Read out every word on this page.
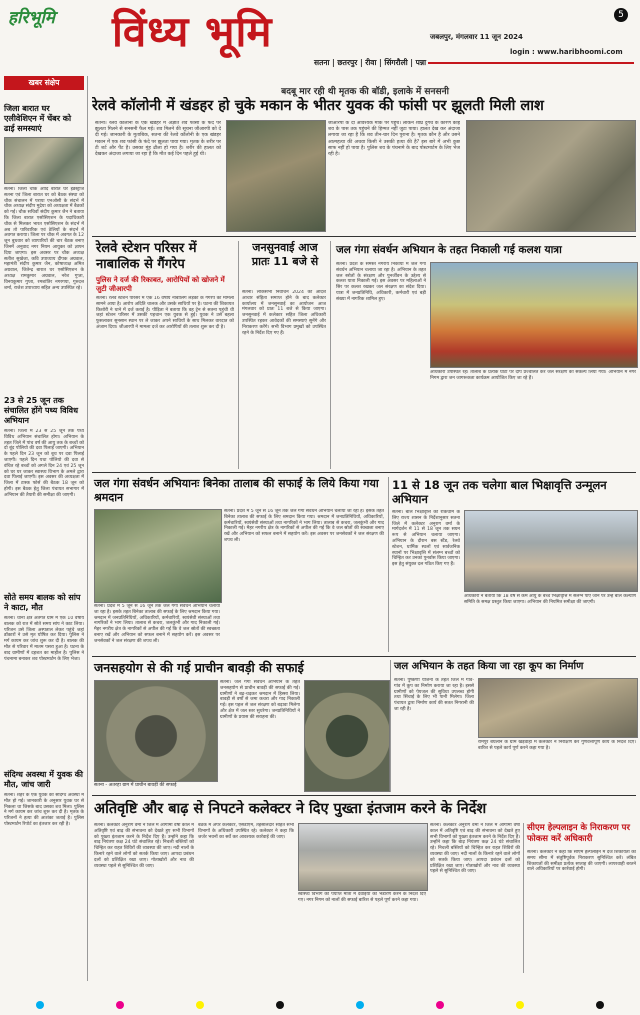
हरिभूमि विंध्य भूमि	जबलपुर, मंगलवार 11 जून 2024
5
सतना | छतरपुर | रीवा | सिंगरौली | पन्ना
login : www.haribhoomi.com
खबर संक्षेप
जिला बारात घर एलीवेशिएन में चेंबर को ढाई समस्याएं
सतना। जिला चौक आदि बारात घर इंडस्ट्रीज सतना एवं जिला बारात घर को बैठक संस्था को चौक संचालन में पराया एनओसी के संदर्भ में चौक अध्यक्ष संदीप मुद्रेया को अध्यक्षता में बैठकों को गई। चौक सचिवों संदीप कुमार जैन ने बताया कि जिला बारात एसोसिएशन के पदाधिकारी चौक से मिलकर भारत एसोसिएशन के संदर्भ में अब तो पारिवारिक एवं ठेलियों के संदर्भ में अवगत कराया। जिला पर चौक में अवगत के 12 जून बुधवार को व्यापारियों की चार बैठक बनाए जिनमें अनुवाद नगर नियम आयुक्त को ज्ञापन दिया जाएगा। इस अवसर पर चौक अध्यक्ष सतीश सुखेजा, कवि उपाध्याय दीपक अग्रवाल, महामंत्री संदीप कुमार जैन, कोषाध्यक्ष अमित अग्रवाल, जितेन्द्र बारात घर एसोसिएशन के अध्यक्ष रामकुमार अग्रवाल, नरेश गुप्ता, विनयकुमार गुप्ता, रमशांतिर नगरगया, गुरुदत्त शर्मा, राजेश उपाध्याय सहित अन्य उपस्थित रहे।
23 से 25 जून तक संचालित होंगे पथ्य विविध अभियान
सतना। जिला में 23 से 25 जून तक पथ्य विविध अभियान संचालित होगा। अभियान के तहत जिले में पांच वर्ष की आयु तक के बच्चों को दो बूंद पोलियो की दवा पिलाई जाएगी। अभियान के पहले दिन 23 जून को बूथ पर दवा पिलाई जाएगी। पहले दिन यथा पोलियो की दवा से वंचित रहे बच्चों को अगले दिन 24 एवं 25 जून को घर घर जाकर स्वास्थ्य विभाग के अमले द्वारा दवा पिलाई जाएगी। इस अवसर की अध्यक्षता में जिला में टास्क फोर्स की बैठक 18 जून को होगी। इस बैठक हेतु जिला पंचायत सभागार में अभियान की तैयारी की समीक्षा की जाएगी।
सोते समय बालक को सांप ने काटा, मौत
सतना। थाना क्षेत्र अंतर्गत ग्राम में एक 10 वर्षीय बालक को रात में सोते समय सांप ने काट लिया। परिजन उसे जिला अस्पताल लेकर पहुंचे जहां डॉक्टरों ने उसे मृत घोषित कर दिया। पुलिस ने मर्ग कायम कर जांच शुरू कर दी है। बालक की मौत से परिवार में मातम पसरा हुआ है। घटना के बाद ग्रामीणों में दहशत का माहौल है। पुलिस ने पंचनामा बनाकर शव पोस्टमार्टम के लिए भेजा।
संदिग्ध अवस्था में युवक की मौत, जांच जारी
सतना। शहर के एक युवक की संदिग्ध अवस्था में मौत हो गई। जानकारी के अनुसार युवक घर से निकला था जिसके बाद उसका शव मिला। पुलिस ने मर्ग कायम कर जांच शुरू कर दी है। मृतक के परिजनों ने हत्या की आशंका जताई है। पुलिस पोस्टमार्टम रिपोर्ट का इंतजार कर रही है।
बदबू मार रही थी मृतक की बॉडी, इलाके में सनसनी
रेलवे कॉलोनी में खंडहर हो चुके मकान के भीतर युवक की फांसी पर झूलती मिली लाश
सतना। रेलवे कॉलोनी के एक खंडहर में अज्ञात शव फांसी के फंदे पर झूलता मिलने से सनसनी फैल गई। शव मिलने की सूचना जीआरपी को दे दी गई। जानकारी के मुताबिक, सतना की रेलवे कॉलोनी के एक खंडहर मकान में एक शव फांसी के फंदे पर झूलता पाया गया। मृतक के शरीर पर टी शर्ट और पैंट है। उसका मुंह ढीला हो गया है। शरीर की हालत को देखकर अंदाजा लगाया जा रहा है कि मौत कई दिन पहले हुई थी।
जीआरपी के दो आवश्यक मौके पर पहुंचे। लेकिन शीघ्र दुर्गंध के कारण कोई शव के पास तक पहुंचने की हिम्मत नहीं जुटा पाया। हालत देख कर अंदाजा लगाया जा रहा है कि शव तीन-चार दिन पुराना है। मृतक कौन है और उसने आत्महत्या की अथवा किसी ने उसकी हत्या की है? इस बारे में अभी कुछ साफ नहीं हो पाया है। पुलिस शव के पंचनामे के बाद पोस्टमार्टम के लिए भेज रही है।
रेलवे स्टेशन परिसर में नाबालिक से गैंगरेप
पुलिस ने दर्ज की रिकाबत, आरोपियों को खोजने में जुटी जीआरपी
सतना। रेलवे स्टेशन परिसर में एक 16 वर्षीय नाबालिग लड़की के गैंगरेप का मामला सामने आया है। आरोप अदिति चालक और उसके साथियों पर है। घटना की शिकायत किशोरी ने थाने में दर्ज कराई है। पीड़िता ने बताया कि वह ट्रेन से सतना पहुंची थी जहां स्टेशन परिसर में उसकी पहचान एक युवक से हुई। युवक ने उसे बहला फुसलाकर सुनसान स्थान पर ले जाकर अपने साथियों के साथ मिलकर वारदात को अंजाम दिया। जीआरपी ने मामला दर्ज कर आरोपियों की तलाश शुरू कर दी है।
जनसुनवाई आज प्रातः 11 बजे से
सतना। लोकसभा निर्वाचन 2024 की आदर्श आचार संहिता समाप्त होने के बाद कलेक्टर कार्यालय में जनसुनवाई का आयोजन आज मंगलवार को प्रातः 11 बजे से किया जाएगा। जनसुनवाई में कलेक्टर सहित जिला अधिकारी उपस्थित रहकर आवेदकों की समस्याएं सुनेंगे और निराकरण करेंगे। सभी विभाग प्रमुखों को उपस्थित रहने के निर्देश दिए गए हैं।
जल गंगा संवर्धन अभियान के तहत निकाली गई कलश यात्रा
सतना। प्रदेश के समस्त नगरीय निकायों में जल गंगा संवर्धन अभियान चलाया जा रहा है। अभियान के तहत जल स्त्रोतों के संरक्षण और पुनर्जीवन के उद्देश्य से कलश यात्रा निकाली गई। इस अवसर पर महिलाओं ने सिर पर कलश रखकर जल संरक्षण का संदेश दिया। यात्रा में जनप्रतिनिधि, अधिकारी, कर्मचारी एवं बड़ी संख्या में नागरिक शामिल हुए।
अधिकारी उपस्थित रहे। तालाब के प्रत्येक घाटों पर दीप प्रज्वलित कर जल संरक्षण का संकल्प लिया गया। अभियान में नगर निगम द्वारा जन जागरूकता कार्यक्रम आयोजित किए जा रहे हैं।
जल गंगा संवर्धन अभियानः बिनेका तालाब की सफाई के लिये किया गया श्रमदान
सतना। प्रदेश में 5 जून से 16 जून तक जल गंगा संवर्धन अभियान चलाया जा रहा है। इसके तहत बिनेका तालाब की सफाई के लिए श्रमदान किया गया। श्रमदान में जनप्रतिनिधियों, अधिकारियों, कर्मचारियों, स्वयंसेवी संस्थाओं तथा नागरिकों ने भाग लिया। तालाब से कचरा, जलकुंभी और गाद निकाली गई। मैहर नगरीय क्षेत्र के नागरिकों से अपील की गई कि वे जल स्रोतों की स्वच्छता बनाए रखें और अभियान को सफल बनाने में सहयोग करें। इस अवसर पर जनसेवकों ने जल संरक्षण की शपथ ली।
सतना। प्रदेश में 5 जून से 16 जून तक जल गंगा संवर्धन अभियान चलाया जा रहा है। इसके तहत बिनेका तालाब की सफाई के लिए श्रमदान किया गया। श्रमदान में जनप्रतिनिधियों, अधिकारियों, कर्मचारियों, स्वयंसेवी संस्थाओं तथा नागरिकों ने भाग लिया। तालाब से कचरा, जलकुंभी और गाद निकाली गई। मैहर नगरीय क्षेत्र के नागरिकों से अपील की गई कि वे जल स्रोतों की स्वच्छता बनाए रखें और अभियान को सफल बनाने में सहयोग करें। इस अवसर पर जनसेवकों ने जल संरक्षण की शपथ ली।
11 से 18 जून तक चलेगा बाल भिक्षावृत्ति उन्मूलन अभियान
सतना। बाल भिक्षावृत्ति को रोकथाम के लिए राज्य शासन के निर्देशानुसार सतना जिले में कलेक्टर अनुराग वर्मा के मार्गदर्शन में 11 से 18 जून तक सघन रूप से अभियान चलाया जाएगा। अभियान के दौरान बस स्टैंड, रेलवे स्टेशन, धार्मिक स्थलों एवं सार्वजनिक स्थानों पर भिक्षावृत्ति में संलग्न बच्चों को चिन्हित कर उनका पुनर्वास किया जाएगा। इस हेतु संयुक्त दल गठित किए गए हैं।
अधिकारी ने बताया कि 18 वर्ष से कम आयु के बच्चे भिक्षावृत्ति में संलग्न पाए जाने पर उन्हें बाल कल्याण समिति के समक्ष प्रस्तुत किया जाएगा। अभियान की नियमित समीक्षा की जाएगी।
जनसहयोग से की गई प्राचीन बावड़ी की सफाई
सतना - अतरहा ग्राम में प्राचीन बावड़ी की सफाई
सतना। जल गंगा संवर्धन अभियान के तहत जनसहयोग से प्राचीन बावड़ी की सफाई की गई। ग्रामीणों ने बढ़-चढ़कर श्रमदान में हिस्सा लिया। बावड़ी से वर्षों से जमा कचरा और गाद निकाली गई। इस पहल से जल संरक्षण को बढ़ावा मिलेगा और क्षेत्र में जल स्तर सुधरेगा। जनप्रतिनिधियों ने ग्रामीणों के प्रयास की सराहना की।
जल अभियान के तहत किया जा रहा कूप का निर्माण
सतना। पुष्कर्णी योजना के तहत जिले में गांव-गांव में कूप का निर्माण कराया जा रहा है। इससे ग्रामीणों को पेयजल की सुविधा उपलब्ध होगी तथा सिंचाई के लिए भी पानी मिलेगा। जिला पंचायत द्वारा निर्माण कार्य की सतत निगरानी की जा रही है।
रामपुर बघेलान के ग्राम खड़वाहा में कलेक्टर ने निरीक्षण कर गुणवत्तापूर्ण कार्य के निर्देश दिए। बारिश से पहले कार्य पूर्ण करने कहा गया है।
अतिवृष्टि और बाढ़ से निपटने कलेक्टर ने दिए पुख्ता इंतजाम करने के निर्देश
सतना। कलेक्टर अनुराग वर्मा ने जिले में आगामी वर्षा काल में अतिवृष्टि एवं बाढ़ की संभावना को देखते हुए सभी विभागों को पुख्ता इंतजाम करने के निर्देश दिए हैं। उन्होंने कहा कि बाढ़ नियंत्रण कक्ष 24 घंटे संचालित रहे। निचली बस्तियों को चिन्हित कर राहत शिविरों की व्यवस्था की जाए। नदी नालों के किनारे रहने वाले लोगों को सतर्क किया जाए। आपदा प्रबंधन दलों को प्रशिक्षित रखा जाए। गोताखोरों और नाव की व्यवस्था पहले से सुनिश्चित की जाए।
बैठक में अपर कलेक्टर, एसडीएम, तहसीलदार सहित सभी विभागों के अधिकारी उपस्थित रहे। कलेक्टर ने कहा कि जर्जर भवनों का सर्वे कर आवश्यक कार्रवाई की जाए।
स्वास्थ्य विभाग को पर्याप्त मात्रा में दवाइयों का भंडारण करने के निर्देश दिए गए। नगर निगम को नालों की सफाई बारिश से पहले पूर्ण करने कहा गया।
सतना। कलेक्टर अनुराग वर्मा ने जिले में आगामी वर्षा काल में अतिवृष्टि एवं बाढ़ की संभावना को देखते हुए सभी विभागों को पुख्ता इंतजाम करने के निर्देश दिए हैं। उन्होंने कहा कि बाढ़ नियंत्रण कक्ष 24 घंटे संचालित रहे। निचली बस्तियों को चिन्हित कर राहत शिविरों की व्यवस्था की जाए। नदी नालों के किनारे रहने वाले लोगों को सतर्क किया जाए। आपदा प्रबंधन दलों को प्रशिक्षित रखा जाए। गोताखोरों और नाव की व्यवस्था पहले से सुनिश्चित की जाए।
सीएम हेल्पलाइन के निराकरण पर फोकस करें अधिकारी
सतना। कलेक्टर ने कहा कि सीएम हेल्पलाइन में दर्ज शिकायतों का समय सीमा में संतुष्टिपूर्वक निराकरण सुनिश्चित करें। लंबित शिकायतों की समीक्षा प्रत्येक सप्ताह की जाएगी। लापरवाही बरतने वाले अधिकारियों पर कार्रवाई होगी।
